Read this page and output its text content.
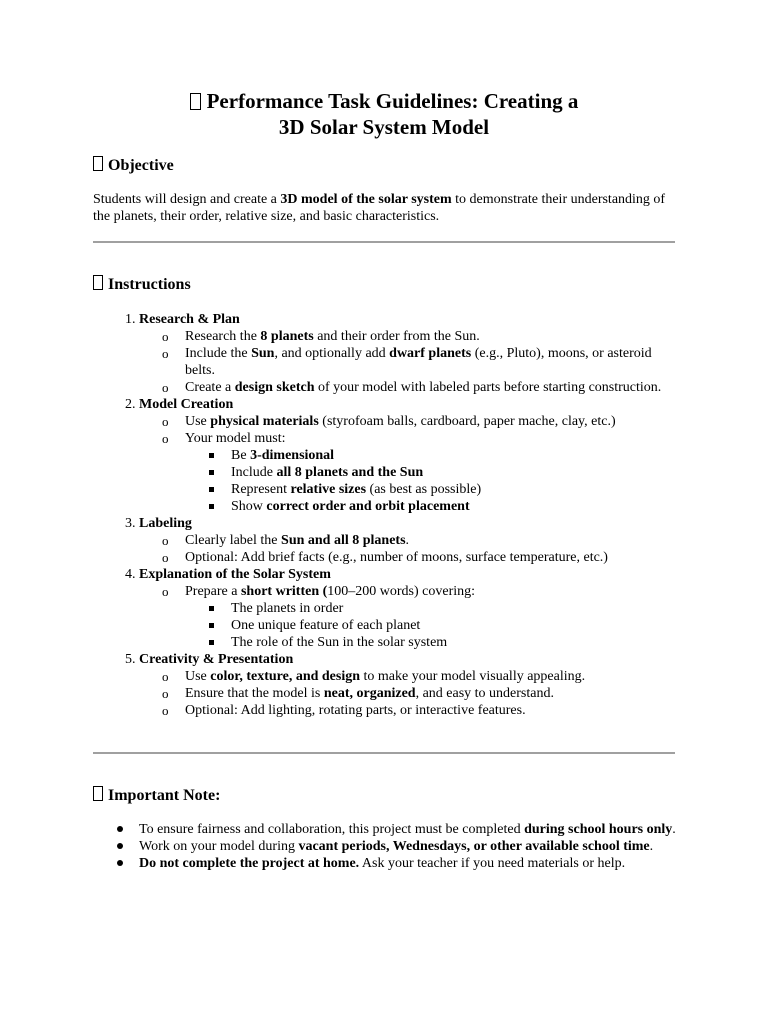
Performance Task Guidelines: Creating a
3D Solar System Model
Objective
Students will design and create a 3D model of the solar system to demonstrate their understanding of the planets, their order, relative size, and basic characteristics.
Instructions
1. Research & Plan
o Research the 8 planets and their order from the Sun.
o Include the Sun, and optionally add dwarf planets (e.g., Pluto), moons, or asteroid belts.
o Create a design sketch of your model with labeled parts before starting construction.
2. Model Creation
o Use physical materials (styrofoam balls, cardboard, paper mache, clay, etc.)
o Your model must:
Be 3-dimensional
Include all 8 planets and the Sun
Represent relative sizes (as best as possible)
Show correct order and orbit placement
3. Labeling
o Clearly label the Sun and all 8 planets.
o Optional: Add brief facts (e.g., number of moons, surface temperature, etc.)
4. Explanation of the Solar System
o Prepare a short written (100–200 words) covering:
The planets in order
One unique feature of each planet
The role of the Sun in the solar system
5. Creativity & Presentation
o Use color, texture, and design to make your model visually appealing.
o Ensure that the model is neat, organized, and easy to understand.
o Optional: Add lighting, rotating parts, or interactive features.
Important Note:
To ensure fairness and collaboration, this project must be completed during school hours only.
Work on your model during vacant periods, Wednesdays, or other available school time.
Do not complete the project at home. Ask your teacher if you need materials or help.
